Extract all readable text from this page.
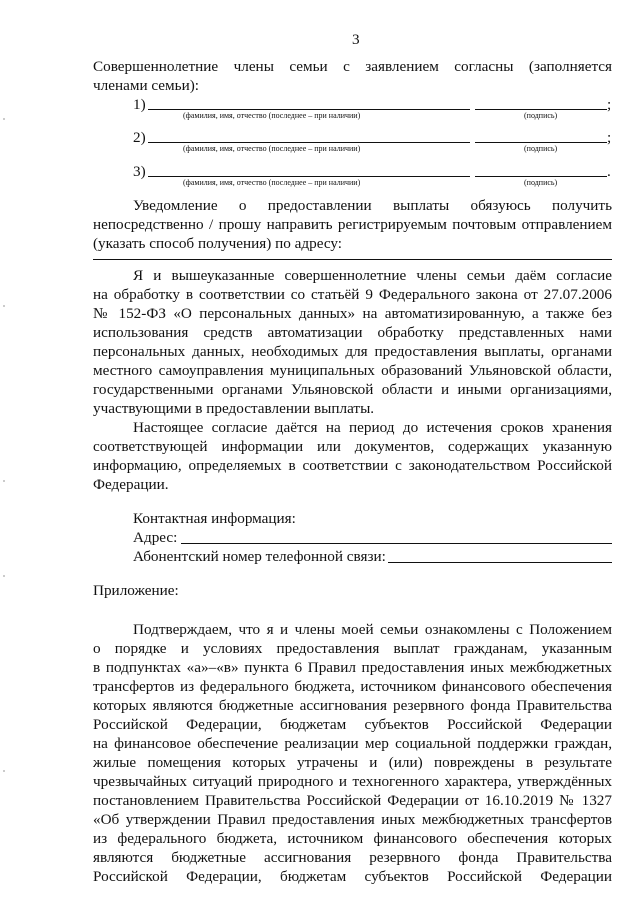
3
Совершеннолетние члены семьи с заявлением согласны (заполняется
членами семьи):
1)	;
(фамилия, имя, отчество (последнее – при наличии)	(подпись)
2)	;
(фамилия, имя, отчество (последнее – при наличии)	(подпись)
3)	.
(фамилия, имя, отчество (последнее – при наличии)	(подпись)
Уведомление о предоставлении выплаты обязуюсь получить
непосредственно / прошу направить регистрируемым почтовым отправлением
(указать способ получения) по адресу:
Я и вышеуказанные совершеннолетние члены семьи даём согласие
на обработку в соответствии со статьёй 9 Федерального закона от 27.07.2006
№ 152-ФЗ «О персональных данных» на автоматизированную, а также без
использования средств автоматизации обработку представленных нами
персональных данных, необходимых для предоставления выплаты, органами
местного самоуправления муниципальных образований Ульяновской области,
государственными органами Ульяновской области и иными организациями,
участвующими в предоставлении выплаты.
Настоящее согласие даётся на период до истечения сроков хранения
соответствующей информации или документов, содержащих указанную
информацию, определяемых в соответствии с законодательством Российской
Федерации.
Контактная информация:
Адрес:
Абонентский номер телефонной связи:
Приложение:
Подтверждаем, что я и члены моей семьи ознакомлены с Положением
о порядке и условиях предоставления выплат гражданам, указанным
в подпунктах «а»–«в» пункта 6 Правил предоставления иных межбюджетных
трансфертов из федерального бюджета, источником финансового обеспечения
которых являются бюджетные ассигнования резервного фонда Правительства
Российской Федерации, бюджетам субъектов Российской Федерации
на финансовое обеспечение реализации мер социальной поддержки граждан,
жилые помещения которых утрачены и (или) повреждены в результате
чрезвычайных ситуаций природного и техногенного характера, утверждённых
постановлением Правительства Российской Федерации от 16.10.2019 № 1327
«Об утверждении Правил предоставления иных межбюджетных трансфертов
из федерального бюджета, источником финансового обеспечения которых
являются бюджетные ассигнования резервного фонда Правительства
Российской Федерации, бюджетам субъектов Российской Федерации
